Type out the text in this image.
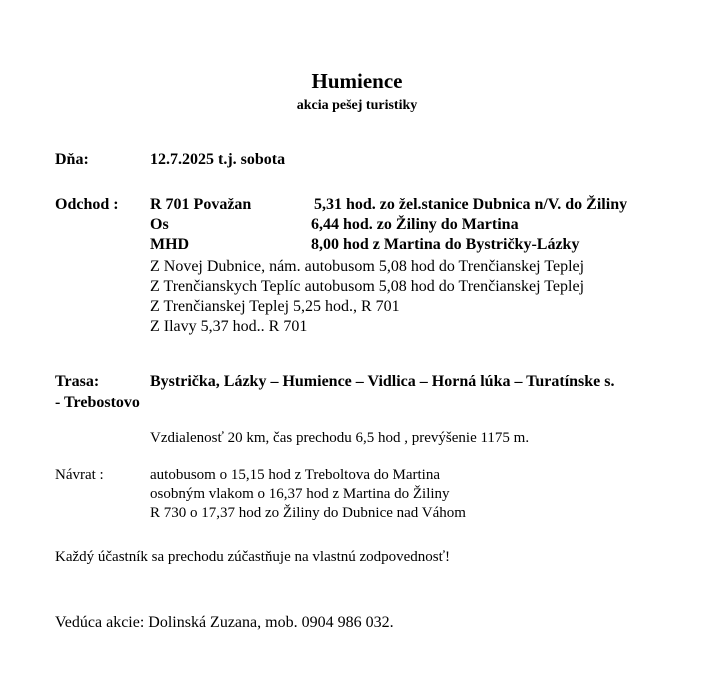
Humience
akcia pešej turistiky
Dňa:	12.7.2025 t.j. sobota
Odchod : R 701 Považan	5,31 hod. zo žel.stanice Dubnica n/V. do Žiliny
Os	6,44 hod. zo Žiliny do Martina
MHD	8,00 hod z Martina do Bystričky-Lázky
Z Novej Dubnice, nám. autobusom 5,08 hod do Trenčianskej Teplej
Z Trenčianskych Teplíc autobusom 5,08 hod do Trenčianskej Teplej
Z Trenčianskej Teplej 5,25 hod., R 701
Z Ilavy 5,37 hod.. R 701
Trasa:	Bystrička, Lázky – Humience – Vidlica – Horná lúka – Turatínske s.
- Trebostovo
Vzdialenosť 20 km, čas prechodu 6,5 hod , prevýšenie 1175 m.
Návrat :	autobusom o 15,15 hod z Treboltova do Martina
osobným vlakom o 16,37 hod z Martina do Žiliny
R 730 o 17,37 hod zo Žiliny do Dubnice nad Váhom
Každý účastník sa prechodu zúčastňuje na vlastnú zodpovednosť!
Vedúca akcie: Dolinská Zuzana, mob. 0904 986 032.
